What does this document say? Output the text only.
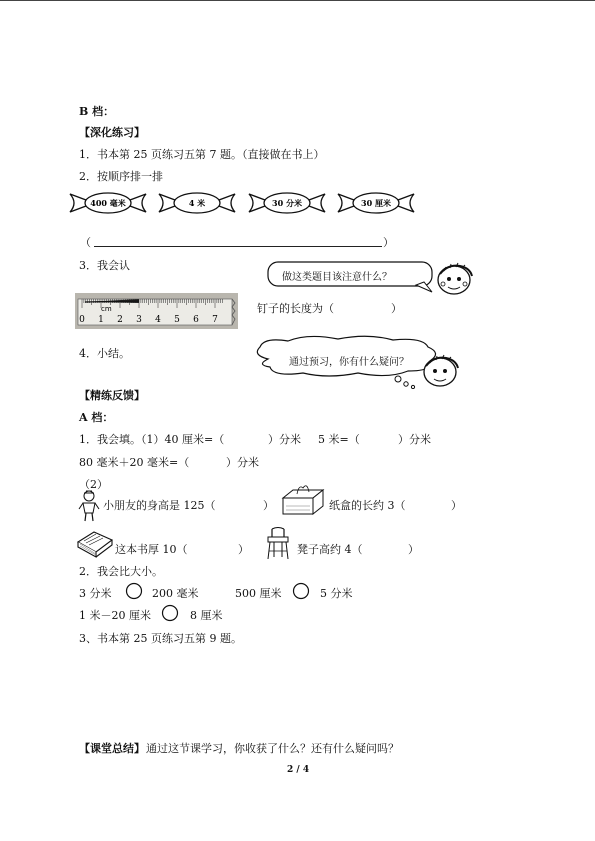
B 档：
【深化练习】
1．书本第 25 页练习五第 7 题。（直接做在书上）
2．按顺序排一排
400 毫米	4 米	30 分米	30 厘米
（	）
3．我会认
做这类题目该注意什么？
cm
0 1 2 3 4 5 6 7
钉子的长度为（	）
4．小结。
通过预习，你有什么疑问？
【精练反馈】
A 档：
1．我会填。（1）40 厘米=（	）分米 5 米=（	）分米
80 毫米＋20 毫米=（	）分米
（2）
小朋友的身高是 125（	）	纸盒的长约 3（	）
这本书厚 10（	）	凳子高约 4（	）
2．我会比大小。
3 分米	200 毫米	500 厘米	5 分米
1 米－20 厘米	8 厘米
3、书本第 25 页练习五第 9 题。
【课堂总结】 通过这节课学习，你收获了什么？还有什么疑问吗？
2 / 4
